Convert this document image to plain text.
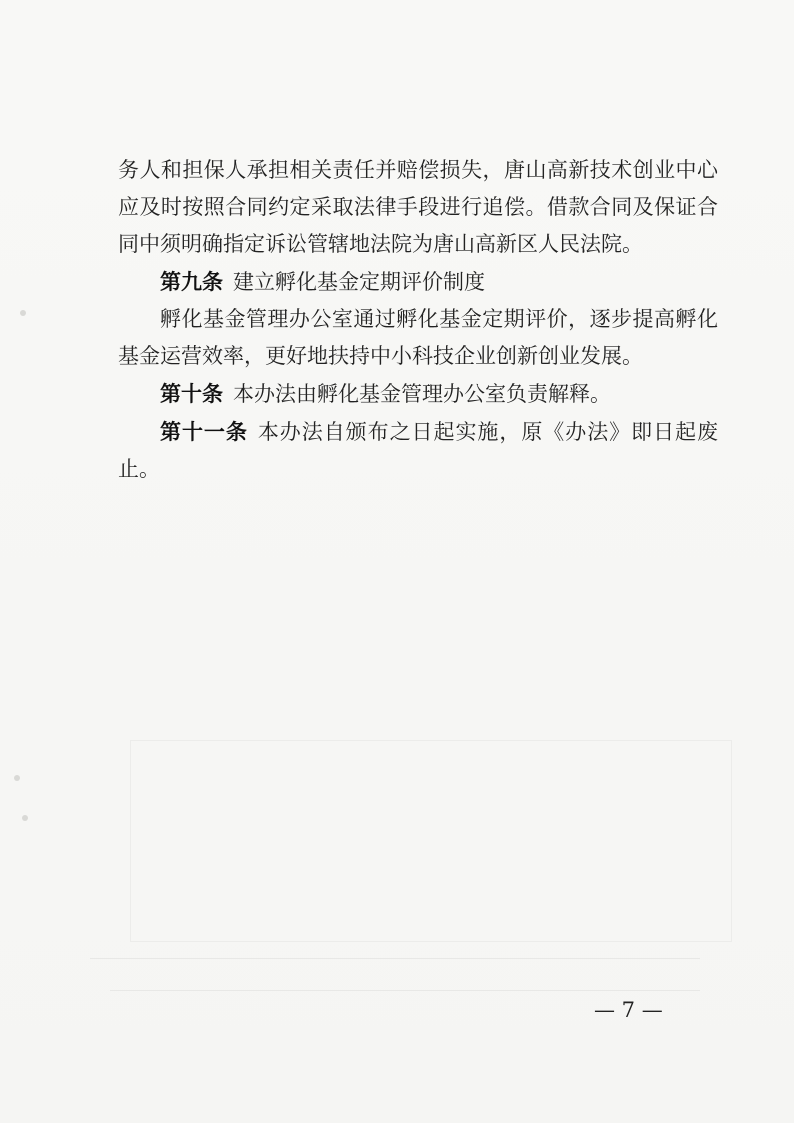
务人和担保人承担相关责任并赔偿损失，唐山高新技术创业中心应及时按照合同约定采取法律手段进行追偿。借款合同及保证合同中须明确指定诉讼管辖地法院为唐山高新区人民法院。

第九条 建立孵化基金定期评价制度

孵化基金管理办公室通过孵化基金定期评价，逐步提高孵化基金运营效率，更好地扶持中小科技企业创新创业发展。

第十条 本办法由孵化基金管理办公室负责解释。

第十一条 本办法自颁布之日起实施，原《办法》即日起废止。

— 7 —
